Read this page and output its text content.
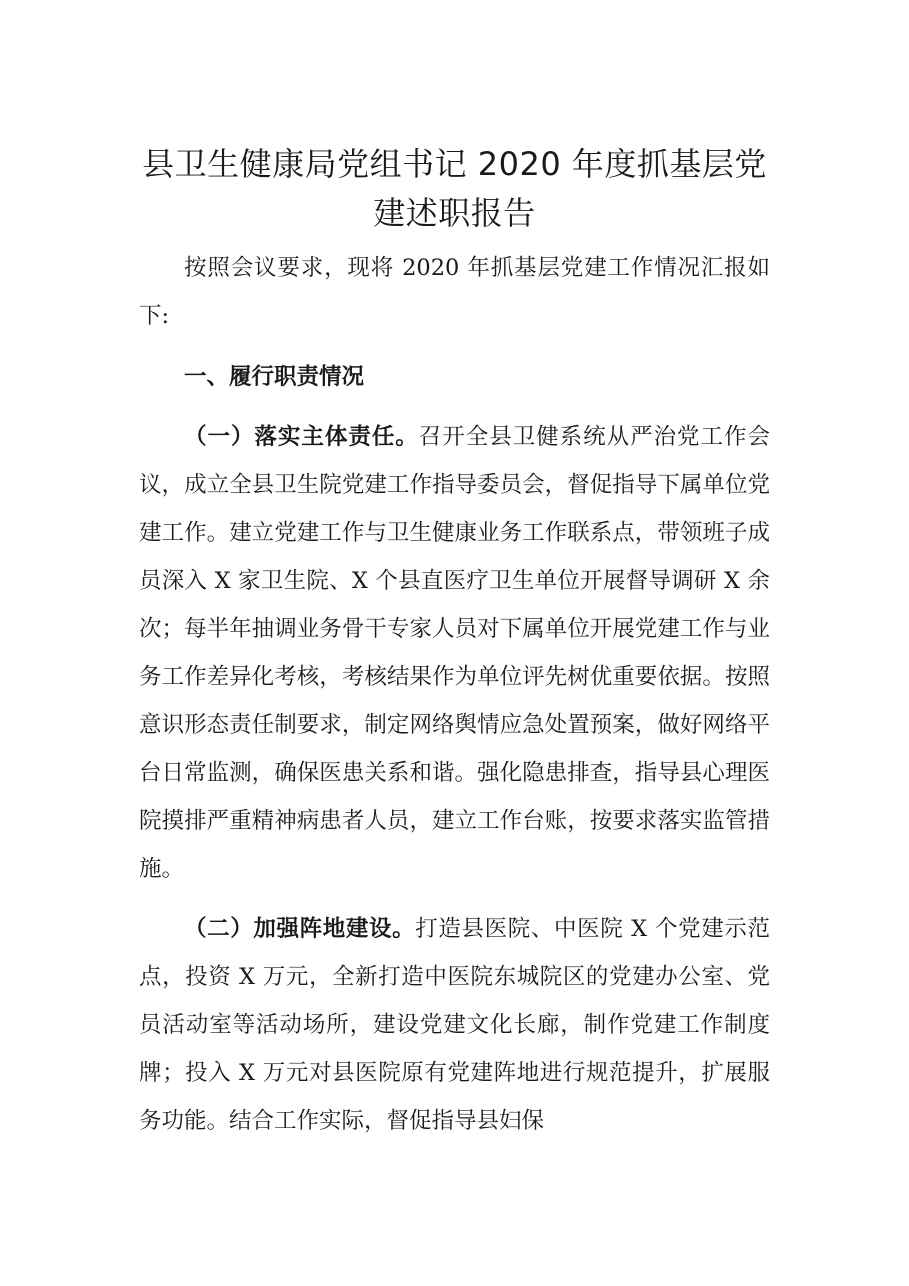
县卫生健康局党组书记 2020 年度抓基层党
建述职报告

按照会议要求，现将 2020 年抓基层党建工作情况汇报如下:

一、履行职责情况

（一）落实主体责任。召开全县卫健系统从严治党工作会议，成立全县卫生院党建工作指导委员会，督促指导下属单位党建工作。建立党建工作与卫生健康业务工作联系点，带领班子成员深入 X 家卫生院、X 个县直医疗卫生单位开展督导调研 X 余次；每半年抽调业务骨干专家人员对下属单位开展党建工作与业务工作差异化考核，考核结果作为单位评先树优重要依据。按照意识形态责任制要求，制定网络舆情应急处置预案，做好网络平台日常监测，确保医患关系和谐。强化隐患排查，指导县心理医院摸排严重精神病患者人员，建立工作台账，按要求落实监管措施。

（二）加强阵地建设。打造县医院、中医院 X 个党建示范点，投资 X 万元，全新打造中医院东城院区的党建办公室、党员活动室等活动场所，建设党建文化长廊，制作党建工作制度牌；投入 X 万元对县医院原有党建阵地进行规范提升，扩展服务功能。结合工作实际，督促指导县妇保
